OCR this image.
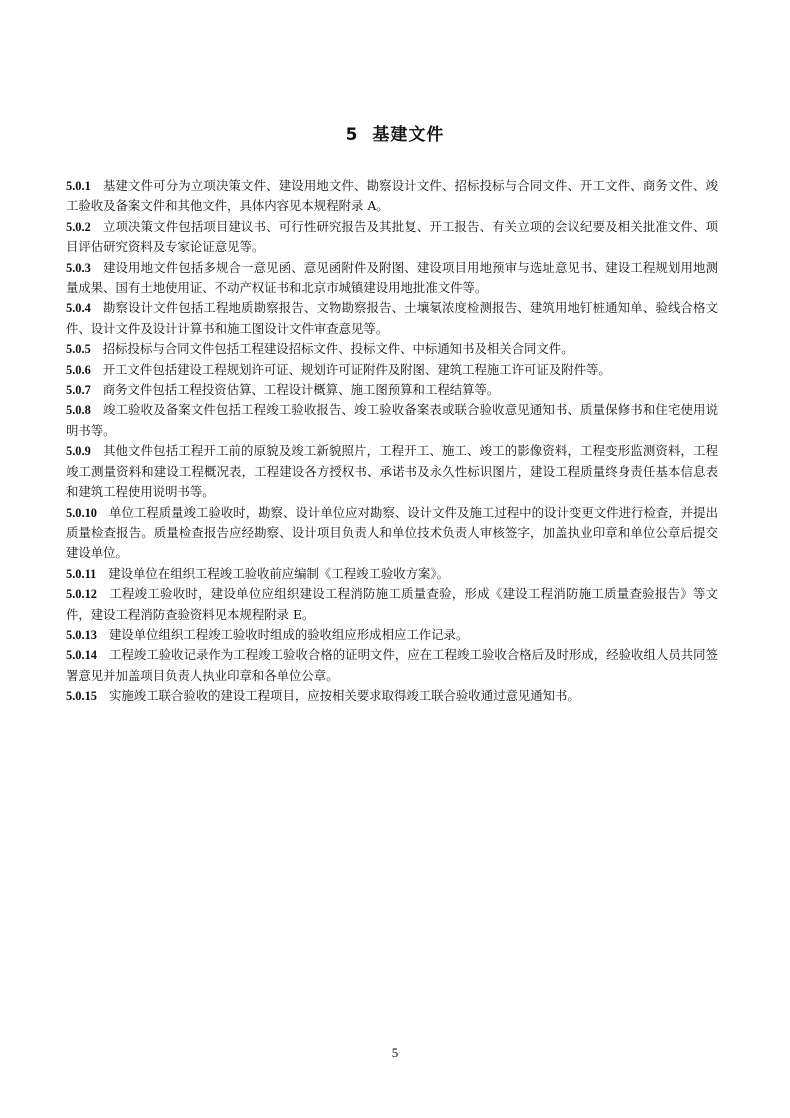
5 基建文件

5.0.1 基建文件可分为立项决策文件、建设用地文件、勘察设计文件、招标投标与合同文件、开工文件、商务文件、竣工验收及备案文件和其他文件，具体内容见本规程附录 A。

5.0.2 立项决策文件包括项目建议书、可行性研究报告及其批复、开工报告、有关立项的会议纪要及相关批准文件、项目评估研究资料及专家论证意见等。

5.0.3 建设用地文件包括多规合一意见函、意见函附件及附图、建设项目用地预审与选址意见书、建设工程规划用地测量成果、国有土地使用证、不动产权证书和北京市城镇建设用地批准文件等。

5.0.4 勘察设计文件包括工程地质勘察报告、文物勘察报告、土壤氡浓度检测报告、建筑用地钉桩通知单、验线合格文件、设计文件及设计计算书和施工图设计文件审查意见等。

5.0.5 招标投标与合同文件包括工程建设招标文件、投标文件、中标通知书及相关合同文件。

5.0.6 开工文件包括建设工程规划许可证、规划许可证附件及附图、建筑工程施工许可证及附件等。

5.0.7 商务文件包括工程投资估算、工程设计概算、施工图预算和工程结算等。

5.0.8 竣工验收及备案文件包括工程竣工验收报告、竣工验收备案表或联合验收意见通知书、质量保修书和住宅使用说明书等。

5.0.9 其他文件包括工程开工前的原貌及竣工新貌照片，工程开工、施工、竣工的影像资料，工程变形监测资料，工程竣工测量资料和建设工程概况表，工程建设各方授权书、承诺书及永久性标识图片，建设工程质量终身责任基本信息表和建筑工程使用说明书等。

5.0.10 单位工程质量竣工验收时，勘察、设计单位应对勘察、设计文件及施工过程中的设计变更文件进行检查，并提出质量检查报告。质量检查报告应经勘察、设计项目负责人和单位技术负责人审核签字，加盖执业印章和单位公章后提交建设单位。

5.0.11 建设单位在组织工程竣工验收前应编制《工程竣工验收方案》。

5.0.12 工程竣工验收时，建设单位应组织建设工程消防施工质量查验，形成《建设工程消防施工质量查验报告》等文件，建设工程消防查验资料见本规程附录 E。

5.0.13 建设单位组织工程竣工验收时组成的验收组应形成相应工作记录。

5.0.14 工程竣工验收记录作为工程竣工验收合格的证明文件，应在工程竣工验收合格后及时形成，经验收组人员共同签署意见并加盖项目负责人执业印章和各单位公章。

5.0.15 实施竣工联合验收的建设工程项目，应按相关要求取得竣工联合验收通过意见通知书。

5
